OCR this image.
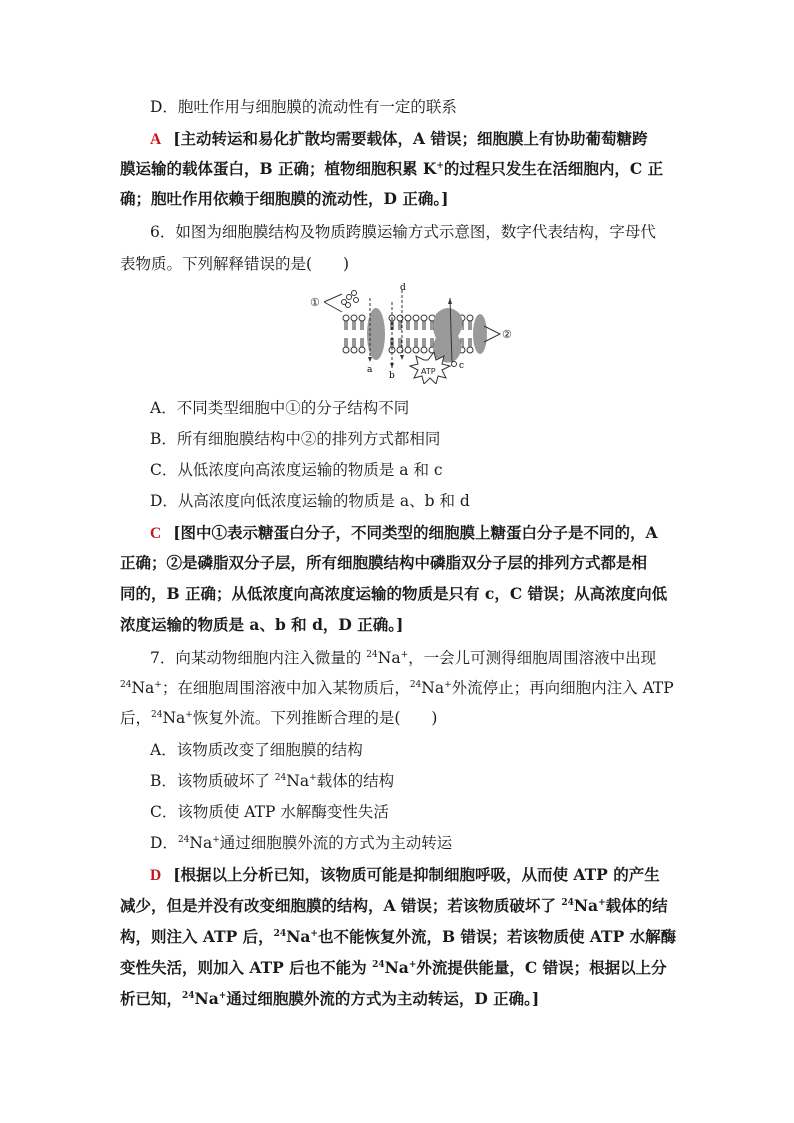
D．胞吐作用与细胞膜的流动性有一定的联系
A [主动转运和易化扩散均需要载体，A 错误；细胞膜上有协助葡萄糖跨
膜运输的载体蛋白，B 正确；植物细胞积累 K+的过程只发生在活细胞内，C 正
确；胞吐作用依赖于细胞膜的流动性，D 正确。]
6．如图为细胞膜结构及物质跨膜运输方式示意图，数字代表结构，字母代
表物质。下列解释错误的是(　　)
①
②
a
b
d
c
ATP
A．不同类型细胞中①的分子结构不同
B．所有细胞膜结构中②的排列方式都相同
C．从低浓度向高浓度运输的物质是 a 和 c
D．从高浓度向低浓度运输的物质是 a、b 和 d
C [图中①表示糖蛋白分子，不同类型的细胞膜上糖蛋白分子是不同的，A
正确；②是磷脂双分子层，所有细胞膜结构中磷脂双分子层的排列方式都是相
同的，B 正确；从低浓度向高浓度运输的物质是只有 c，C 错误；从高浓度向低
浓度运输的物质是 a、b 和 d，D 正确。]
7．向某动物细胞内注入微量的 $^{24}$Na+，一会儿可测得细胞周围溶液中出现
$^{24}$Na+；在细胞周围溶液中加入某物质后，$^{24}$Na+外流停止；再向细胞内注入 ATP
后，$^{24}$Na+恢复外流。下列推断合理的是(　　)
A．该物质改变了细胞膜的结构
B．该物质破坏了 $^{24}$Na+载体的结构
C．该物质使 ATP 水解酶变性失活
D．$^{24}$Na+通过细胞膜外流的方式为主动转运
D [根据以上分析已知，该物质可能是抑制细胞呼吸，从而使 ATP 的产生
减少，但是并没有改变细胞膜的结构，A 错误；若该物质破坏了 $^{24}$Na+载体的结
构，则注入 ATP 后，$^{24}$Na+也不能恢复外流，B 错误；若该物质使 ATP 水解酶
变性失活，则加入 ATP 后也不能为 $^{24}$Na+外流提供能量，C 错误；根据以上分
析已知，$^{24}$Na+通过细胞膜外流的方式为主动转运，D 正确。]
